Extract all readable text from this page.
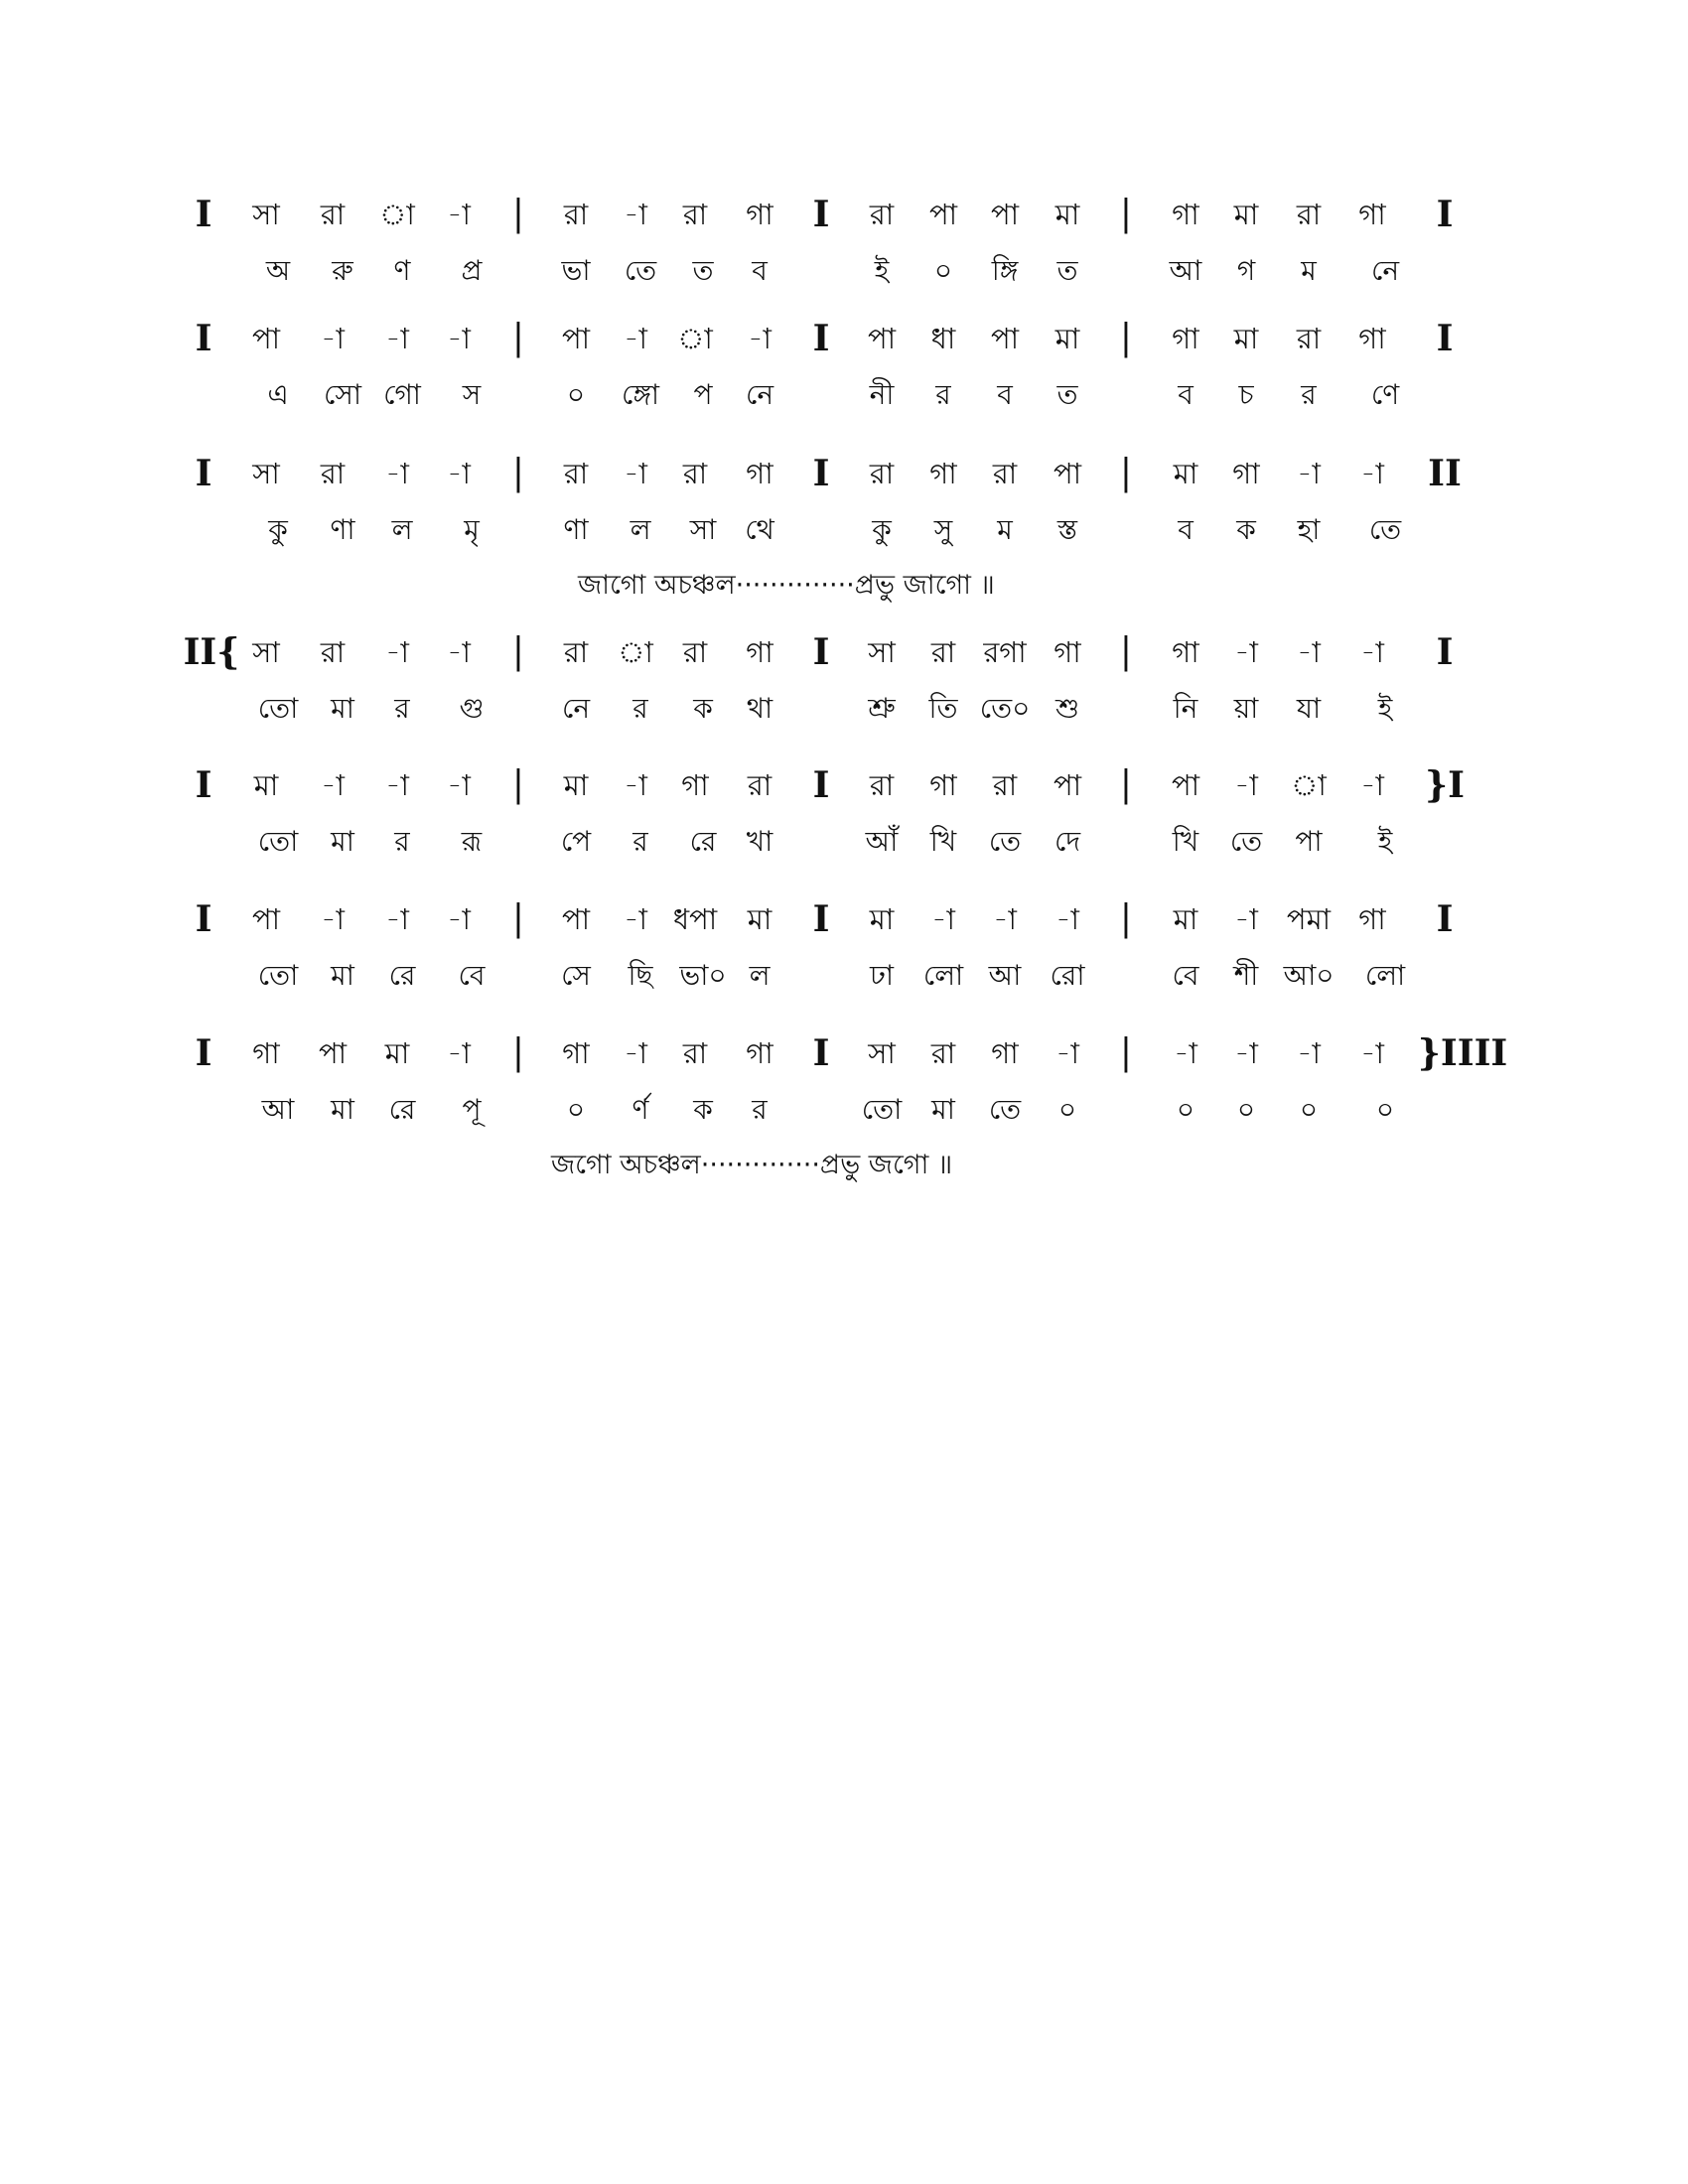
I সা রা া -া | রা -া রা গা I রা পা পা মা | গা মা রা গা I
অ রু ণ প্র	ভা তে ত ব	ই ০ ঙ্গি ত	আ গ ম নে
I পা -া -া -া | পা -া া -া I পা ধা পা মা | গা মা রা গা I
এ সো গো স	০ ঙ্গো প নে	নী র ব ত	ব চ র ণে
I সা রা -া -া | রা -া রা গা I রা গা রা পা | মা গা -া -া II
কু ণা ল মৃ	ণা ল সা থে	কু সু ম স্ত	ব ক হা তে
জাগো অচঞ্চল··············প্রভু জাগো ॥
II{ সা রা -া -া | রা া রা গা I সা রা রগা গা | গা -া -া -া I
তো মা র গু	নে র ক থা	শ্রু তি তে০ শু	নি য়া যা ই
I মা -া -া -া | মা -া গা রা I রা গা রা পা | পা -া া -া }I
তো মা র রূ	পে র রে খা	আঁ খি তে দে	খি তে পা ই
I পা -া -া -া | পা -া ধপা মা I মা -া -া -া | মা -া পমা গা I
তো মা রে বে	সে ছি ভা০ ল	ঢা লো আ রো	বে শী আ০ লো
I গা পা মা -া | গা -া রা গা I সা রা গা -া | -া -া -া -া }IIII
আ মা রে পূ	০ র্ণ ক র	তো মা তে ০	০ ০ ০ ০
জগো অচঞ্চল··············প্রভু জগো ॥
